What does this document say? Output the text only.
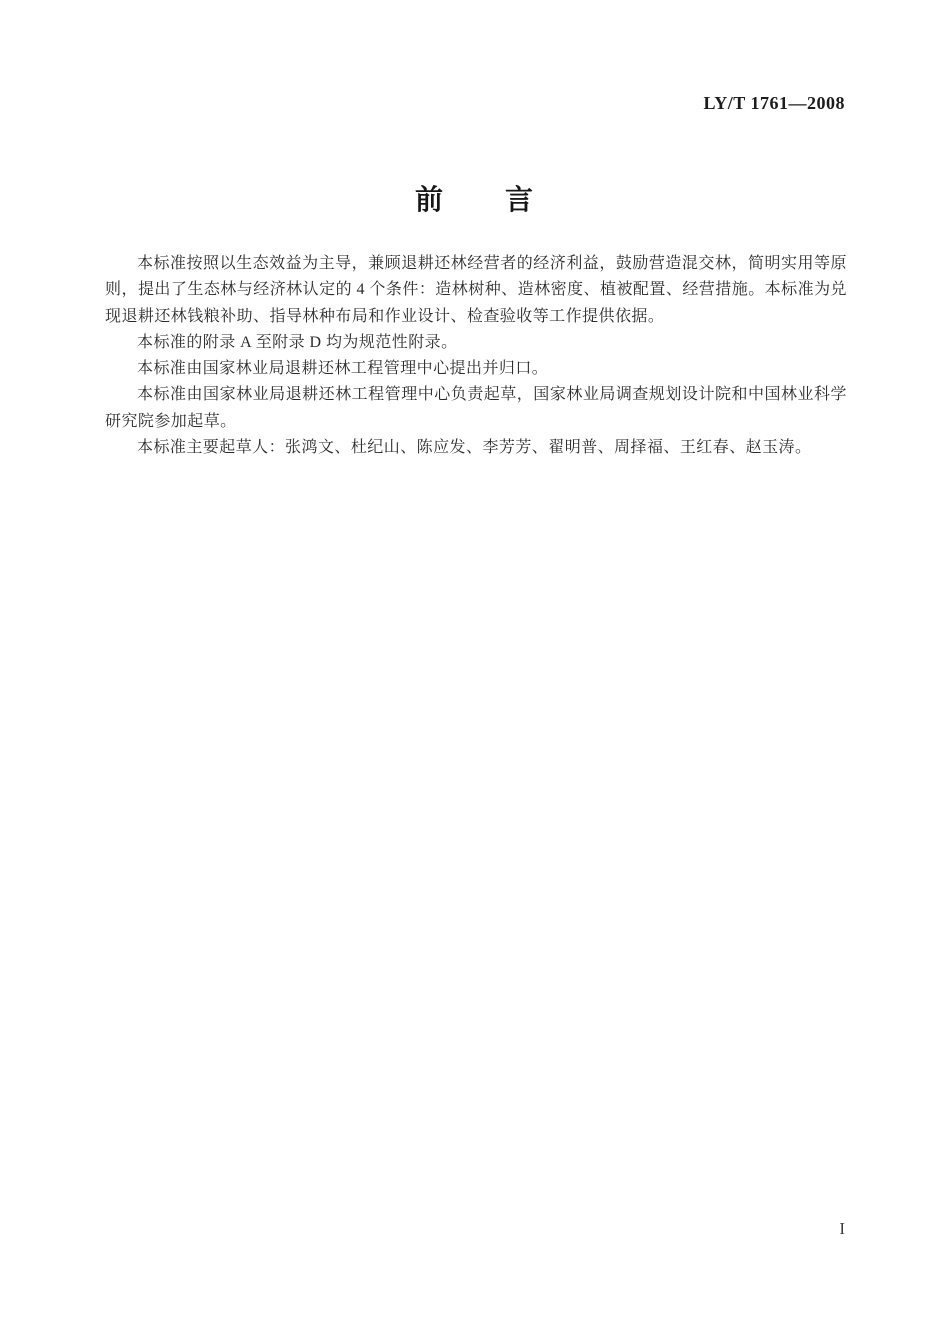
LY/T 1761—2008
前　　言

本标准按照以生态效益为主导，兼顾退耕还林经营者的经济利益，鼓励营造混交林，简明实用等原则，提出了生态林与经济林认定的 4 个条件：造林树种、造林密度、植被配置、经营措施。本标准为兑现退耕还林钱粮补助、指导林种布局和作业设计、检查验收等工作提供依据。

本标准的附录 A 至附录 D 均为规范性附录。

本标准由国家林业局退耕还林工程管理中心提出并归口。

本标准由国家林业局退耕还林工程管理中心负责起草，国家林业局调查规划设计院和中国林业科学研究院参加起草。

本标准主要起草人：张鸿文、杜纪山、陈应发、李芳芳、翟明普、周择福、王红春、赵玉涛。

I
